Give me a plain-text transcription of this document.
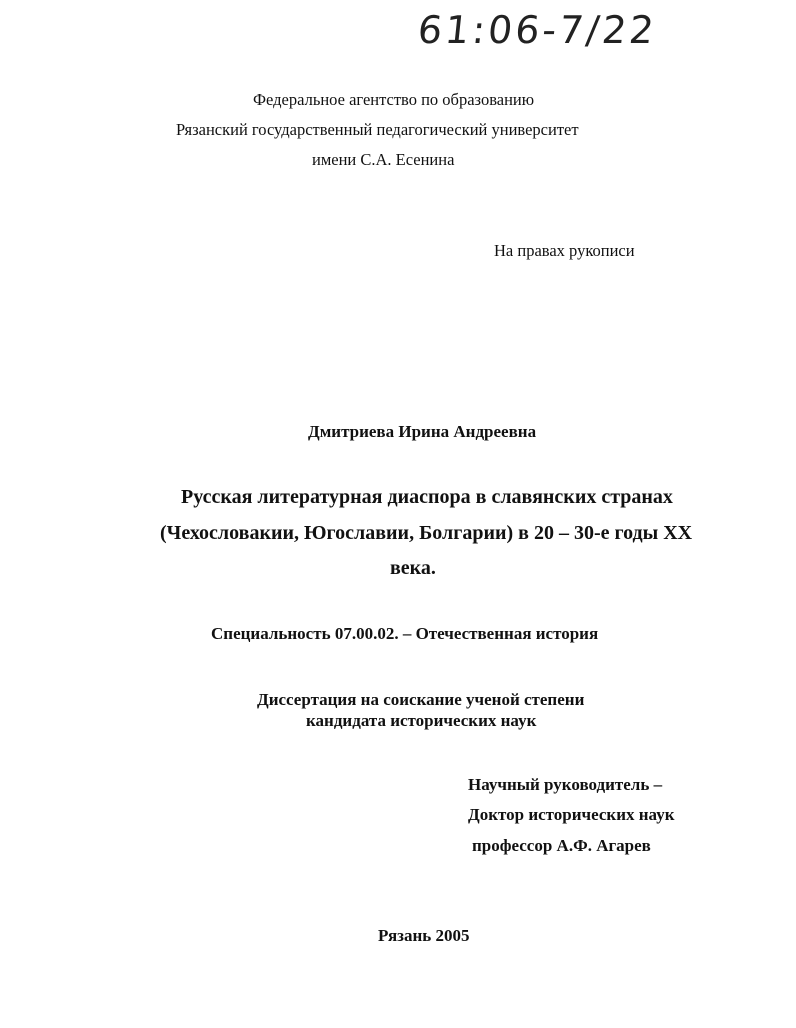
61:06-7/22
Федеральное агентство по образованию
Рязанский государственный педагогический университет
имени С.А. Есенина
На правах рукописи
Дмитриева Ирина Андреевна
Русская литературная диаспора в славянских странах
(Чехословакии, Югославии, Болгарии) в 20 – 30-е годы XX
века.
Специальность 07.00.02. – Отечественная история
Диссертация на соискание ученой степени
кандидата исторических наук
Научный руководитель –
Доктор исторических наук
профессор А.Ф. Агарев
Рязань 2005
